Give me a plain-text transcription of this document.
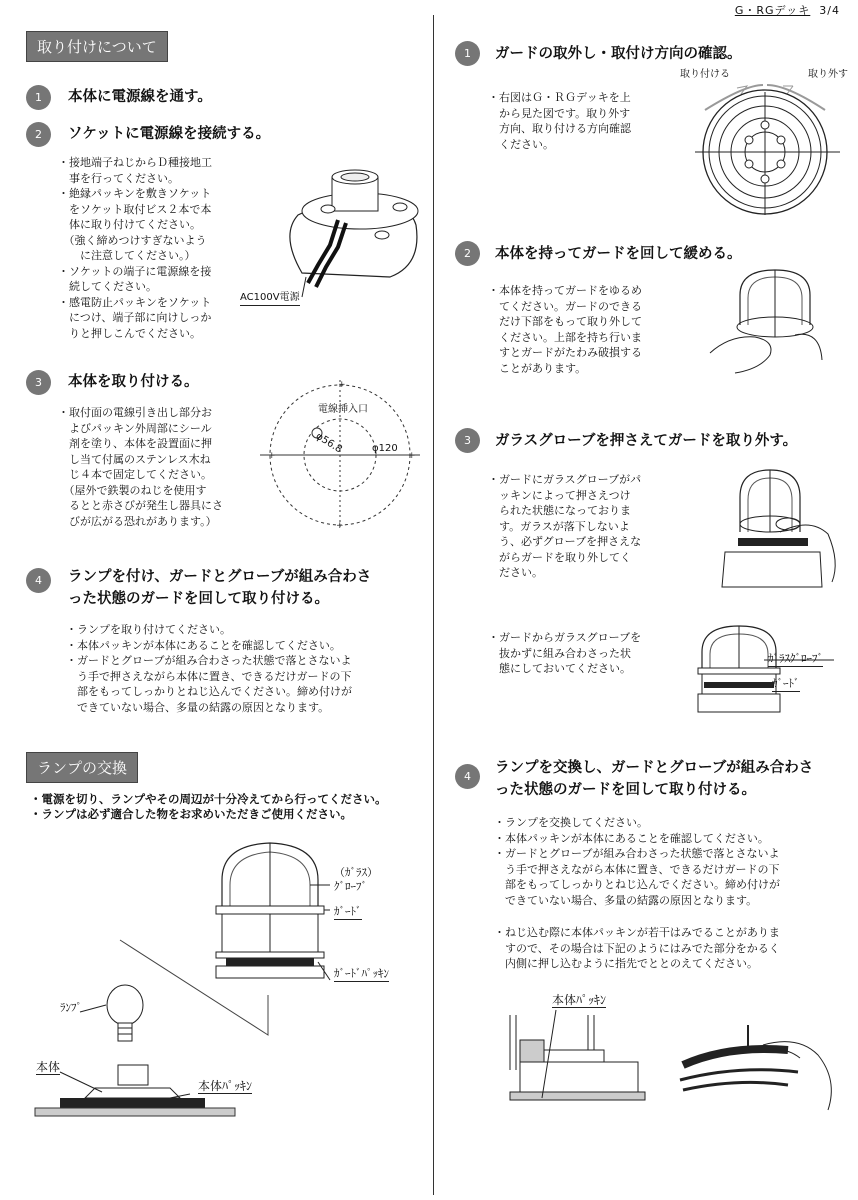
G・RGデッキ 3/4
取り付けについて
1	本体に電源線を通す。
2	ソケットに電源線を接続する。
・接地端子ねじからＤ種接地工
　事を行ってください。
・絶縁パッキンを敷きソケット
　をソケット取付ビス２本で本
　体に取り付けてください。
　（強く締めつけすぎないよう
　　に注意してください。）
・ソケットの端子に電源線を接
　続してください。
・感電防止パッキンをソケット
　につけ、端子部に向けしっか
　りと押しこんでください。
AC100V電源
3	本体を取り付ける。
・取付面の電線引き出し部分お
　よびパッキン外周部にシール
　剤を塗り、本体を設置面に押
　し当て付属のステンレス木ね
　じ４本で固定してください。
　（屋外で鉄製のねじを使用す
　るとと赤さびが発生し器具にさ
　びが広がる恐れがあります。）
+
+	+
+
電線挿入口
φ56.8	φ120
4	ランプを付け、ガードとグローブが組み合わさ
った状態のガードを回して取り付ける。
・ランプを取り付けてください。
・本体パッキンが本体にあることを確認してください。
・ガードとグローブが組み合わさった状態で落とさないよ
　う手で押さえながら本体に置き、できるだけガードの下
　部をもってしっかりとねじ込んでください。締め付けが
　できていない場合、多量の結露の原因となります。
ランプの交換
・電源を切り、ランプやその周辺が十分冷えてから行ってください。
・ランプは必ず適合した物をお求めいただきご使用ください。
（ｶﾞﾗｽ）
ｸﾞﾛｰﾌﾞ
ｶﾞｰﾄﾞ
ｶﾞｰﾄﾞﾊﾟｯｷﾝ
ﾗﾝﾌﾟ
本体
本体ﾊﾟｯｷﾝ
1	ガードの取外し・取付け方向の確認。
・右図はＧ・ＲＧデッキを上
　から見た図です。取り外す
　方向、取り付ける方向確認
　ください。
取り付ける	取り外す
2	本体を持ってガードを回して緩める。
・本体を持ってガードをゆるめ
　てください。ガードのできる
　だけ下部をもって取り外して
　ください。上部を持ち行いま
　すとガードがたわみ破損する
　ことがあります。
3	ガラスグローブを押さえてガードを取り外す。
・ガードにガラスグローブがパ
　ッキンによって押さえつけ
　られた状態になっておりま
　す。ガラスが落下しないよ
　う、必ずグローブを押さえな
　がらガードを取り外してく
　ださい。
・ガードからガラスグローブを
　抜かずに組み合わさった状
　態にしておいてください。
ｶﾞﾗｽｸﾞﾛｰﾌﾞ
ｶﾞｰﾄﾞ
4
ランプを交換し、ガードとグローブが組み合わさ
った状態のガードを回して取り付ける。
・ランプを交換してください。
・本体パッキンが本体にあることを確認してください。
・ガードとグローブが組み合わさった状態で落とさないよ
　う手で押さえながら本体に置き、できるだけガードの下
　部をもってしっかりとねじ込んでください。締め付けが
　できていない場合、多量の結露の原因となります。
・ねじ込む際に本体パッキンが若干はみでることがありま
　すので、その場合は下記のようにはみでた部分をかるく
　内側に押し込むように指先でととのえてください。
本体ﾊﾟｯｷﾝ
